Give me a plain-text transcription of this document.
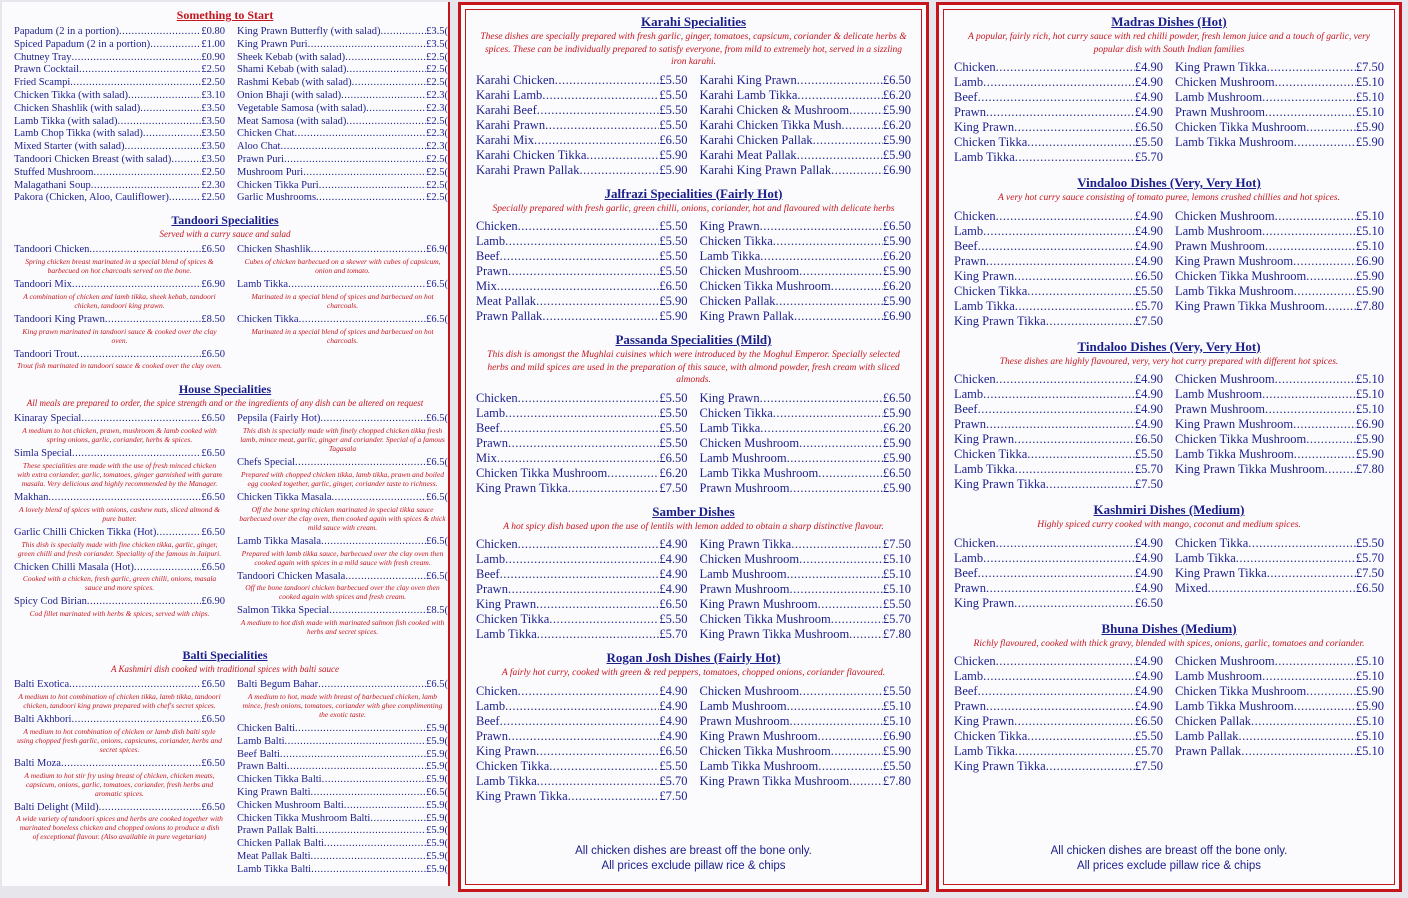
Something to Start
Papadum (2 in a portion) .....	£0.80
Spiced Papadum (2 in a portion) .....	£1.00
Chutney Tray .....	£0.90
Prawn Cocktail .....	£2.50
Fried Scampi .....	£2.50
Chicken Tikka (with salad) .....	£3.10
Chicken Shashlik (with salad) .....	£3.50
Lamb Tikka (with salad) .....	£3.50
Lamb Chop Tikka (with salad) .....	£3.50
Mixed Starter (with salad) .....	£3.50
Tandoori Chicken Breast (with salad) .....	£3.50
Stuffed Mushroom .....	£2.50
Malagathani Soup .....	£2.30
Pakora (Chicken, Aloo, Cauliflower) .....	£2.50
King Prawn Butterfly (with salad) .....	£3.5(
King Prawn Puri .....	£3.5(
Sheek Kebab (with salad) .....	£2.5(
Shami Kebab (with salad) .....	£2.5(
Rashmi Kebab (with salad) .....	£2.5(
Onion Bhaji (with salad) .....	£2.3(
Vegetable Samosa (with salad) .....	£2.3(
Meat Samosa (with salad) .....	£2.5(
Chicken Chat .....	£2.3(
Aloo Chat .....	£2.3(
Prawn Puri .....	£2.5(
Mushroom Puri .....	£2.5(
Chicken Tikka Puri .....	£2.5(
Garlic Mushrooms .....	£2.5(
Tandoori Specialities
Served with a curry sauce and salad
Tandoori Chicken .....	£6.50
Spring chicken breast marinated in a special blend of spices & barbecued on hot charcoals served on the bone.
Tandoori Mix .....	£6.90
A combination of chicken and lamb tikka, sheek kebab, tandoori chicken, tandoori king prawn.
Tandoori King Prawn .....	£8.50
King prawn marinated in tandoori sauce & cooked over the clay oven.
Tandoori Trout .....	£6.50
Trout fish marinated in tandoori sauce & cooked over the clay oven.
Chicken Shashlik .....	£6.9(
Cubes of chicken barbecued on a skewer with cubes of capsicum, onion and tomato.
Lamb Tikka .....	£6.5(
Marinated in a special blend of spices and barbecued on hot charcoals.
Chicken Tikka .....	£6.5(
Marinated in a special blend of spices and barbecued on hot charcoals.
House Specialities
All meals are prepared to order, the spice strength and or the ingredients of any dish can be altered on request
Kinaray Special .....	£6.50
A medium to hot chicken, prawn, mushroom & lamb cooked with spring onions, garlic, coriander, herbs & spices.
Simla Special .....	£6.50
These specialities are made with the use of fresh minced chicken with extra coriander, garlic, tomatoes, ginger garnished with garam masala. Very delicious and highly recommended by the Manager.
Makhan .....	£6.50
A lovely blend of spices with onions, cashew nuts, sliced almond & pure butter.
Garlic Chilli Chicken Tikka (Hot) .....	£6.50
This dish is specially made with fine chicken tikka, garlic, ginger, green chilli and fresh coriander. Speciality of the famous in Jaipuri.
Chicken Chilli Masala (Hot) .....	£6.50
Cooked with a chicken, fresh garlic, green chilli, onions, masala sauce and more spices.
Spicy Cod Birian .....	£6.90
Cod fillet marinated with herbs & spices, served with chips.
Pepsila (Fairly Hot) .....	£6.5(
This dish is specially made with finely chopped chicken tikka fresh lamb, mince meat, garlic, ginger and coriander. Special of a famous Tagasala
Chefs Special .....	£6.5(
Prepared with chopped chicken tikka, lamb tikka, prawn and boiled egg cooked together, garlic, ginger, coriander taste to richness.
Chicken Tikka Masala .....	£6.5(
Off the bone spring chicken marinated in special tikka sauce barbecued over the clay oven, then cooked again with spices & thick mild sauce with cream.
Lamb Tikka Masala .....	£6.5(
Prepared with lamb tikka sauce, barbecued over the clay oven then cooked again with spices in a mild sauce with fresh cream.
Tandoori Chicken Masala .....	£6.5(
Off the bone tandoori chicken barbecued over the clay oven then cooked again with spices and fresh cream.
Salmon Tikka Special .....	£8.5(
A medium to hot dish made with marinated salmon fish cooked with herbs and secret spices.
Balti Specialities
A Kashmiri dish cooked with traditional spices with balti sauce
Balti Exotica .....	£6.50
A medium to hot combination of chicken tikka, lamb tikka, tandoori chicken, tandoori king prawn prepared with chef's secret spices.
Balti Akhbori .....	£6.50
A medium to hot combination of chicken or lamb dish balti style using chopped fresh garlic, onions, capsicums, coriander, herbs and secret spices.
Balti Moza .....	£6.50
A medium to hot stir fry using breast of chicken, chicken meats, capsicum, onions, garlic, tomatoes, coriander, fresh herbs and aromatic spices.
Balti Delight (Mild) .....	£6.50
A wide variety of tandoori spices and herbs are cooked together with marinated boneless chicken and chopped onions to produce a dish of exceptional flavour. (Also available in pure vegetarian)
Balti Begum Bahar .....	£6.5(
A medium to hot, made with breast of barbecued chicken, lamb mince, fresh onions, tomatoes, coriander with ghee complimenting the exotic taste.
Chicken Balti .....	£5.9(
Lamb Balti .....	£5.9(
Beef Balti .....	£5.9(
Prawn Balti .....	£5.9(
Chicken Tikka Balti .....	£5.9(
King Prawn Balti .....	£6.5(
Chicken Mushroom Balti .....	£5.9(
Chicken Tikka Mushroom Balti .....	£5.9(
Prawn Pallak Balti .....	£5.9(
Chicken Pallak Balti .....	£5.9(
Meat Pallak Balti .....	£5.9(
Lamb Tikka Balti .....	£5.9(
Karahi Specialities
These dishes are specially prepared with fresh garlic, ginger, tomatoes, capsicum, coriander & delicate herbs & spices. These can be individually prepared to satisfy everyone, from mild to extremely hot, served in a sizzling iron karahi.
Karahi Chicken .....	£5.50
Karahi Lamb .....	£5.50
Karahi Beef .....	£5.50
Karahi Prawn .....	£5.50
Karahi Mix .....	£6.50
Karahi Chicken Tikka .....	£5.90
Karahi Prawn Pallak .....	£5.90
Karahi King Prawn .....	£6.50
Karahi Lamb Tikka .....	£6.20
Karahi Chicken & Mushroom .....	£5.90
Karahi Chicken Tikka Mush .....	£6.20
Karahi Chicken Pallak .....	£5.90
Karahi Meat Pallak .....	£5.90
Karahi King Prawn Pallak .....	£6.90
Jalfrazi Specialities (Fairly Hot)
Specially prepared with fresh garlic, green chilli, onions, coriander, hot and flavoured with delicate herbs
Chicken .....	£5.50
Lamb .....	£5.50
Beef .....	£5.50
Prawn .....	£5.50
Mix .....	£6.50
Meat Pallak .....	£5.90
Prawn Pallak .....	£5.90
King Prawn .....	£6.50
Chicken Tikka .....	£5.90
Lamb Tikka .....	£6.20
Chicken Mushroom .....	£5.90
Chicken Tikka Mushroom .....	£6.20
Chicken Pallak .....	£5.90
King Prawn Pallak .....	£6.90
Passanda Specialities (Mild)
This dish is amongst the Mughlai cuisines which were introduced by the Moghul Emperor. Specially selected herbs and mild spices are used in the preparation of this sauce, with almond powder, fresh cream with sliced almonds.
Chicken .....	£5.50
Lamb .....	£5.50
Beef .....	£5.50
Prawn .....	£5.50
Mix .....	£6.50
Chicken Tikka Mushroom .....	£6.20
King Prawn Tikka .....	£7.50
King Prawn .....	£6.50
Chicken Tikka .....	£5.90
Lamb Tikka .....	£6.20
Chicken Mushroom .....	£5.90
Lamb Mushroom .....	£5.90
Lamb Tikka Mushroom .....	£6.50
Prawn Mushroom .....	£5.90
Samber Dishes
A hot spicy dish based upon the use of lentils with lemon added to obtain a sharp distinctive flavour.
Chicken .....	£4.90
Lamb .....	£4.90
Beef .....	£4.90
Prawn .....	£4.90
King Prawn .....	£6.50
Chicken Tikka .....	£5.50
Lamb Tikka .....	£5.70
King Prawn Tikka .....	£7.50
Chicken Mushroom .....	£5.10
Lamb Mushroom .....	£5.10
Prawn Mushroom .....	£5.10
King Prawn Mushroom .....	£5.50
Chicken Tikka Mushroom .....	£5.70
King Prawn Tikka Mushroom .....	£7.80
Rogan Josh Dishes (Fairly Hot)
A fairly hot curry, cooked with green & red peppers, tomatoes, chopped onions, coriander flavoured.
Chicken .....	£4.90
Lamb .....	£4.90
Beef .....	£4.90
Prawn .....	£4.90
King Prawn .....	£6.50
Chicken Tikka .....	£5.50
Lamb Tikka .....	£5.70
King Prawn Tikka .....	£7.50
Chicken Mushroom .....	£5.50
Lamb Mushroom .....	£5.10
Prawn Mushroom .....	£5.10
King Prawn Mushroom .....	£6.90
Chicken Tikka Mushroom .....	£5.90
Lamb Tikka Mushroom .....	£5.50
King Prawn Tikka Mushroom .....	£7.80
All chicken dishes are breast off the bone only.
All prices exclude pillaw rice & chips
Madras Dishes (Hot)
A popular, fairly rich, hot curry sauce with red chilli powder, fresh lemon juice and a touch of garlic, very popular dish with South Indian families
Chicken .....	£4.90
Lamb .....	£4.90
Beef .....	£4.90
Prawn .....	£4.90
King Prawn .....	£6.50
Chicken Tikka .....	£5.50
Lamb Tikka .....	£5.70
King Prawn Tikka .....	£7.50
Chicken Mushroom .....	£5.10
Lamb Mushroom .....	£5.10
Prawn Mushroom .....	£5.10
Chicken Tikka Mushroom .....	£5.90
Lamb Tikka Mushroom .....	£5.90
Vindaloo Dishes (Very, Very Hot)
A very hot curry sauce consisting of tomato puree, lemons crushed chillies and hot spices.
Chicken .....	£4.90
Lamb .....	£4.90
Beef .....	£4.90
Prawn .....	£4.90
King Prawn .....	£6.50
Chicken Tikka .....	£5.50
Lamb Tikka .....	£5.70
King Prawn Tikka .....	£7.50
Chicken Mushroom .....	£5.10
Lamb Mushroom .....	£5.10
Prawn Mushroom .....	£5.10
King Prawn Mushroom .....	£6.90
Chicken Tikka Mushroom .....	£5.90
Lamb Tikka Mushroom .....	£5.90
King Prawn Tikka Mushroom ..... £7.80
Tindaloo Dishes (Very, Very Hot)
These dishes are highly flavoured, very, very hot curry prepared with different hot spices.
Chicken .....	£4.90
Lamb .....	£4.90
Beef .....	£4.90
Prawn .....	£4.90
King Prawn .....	£6.50
Chicken Tikka .....	£5.50
Lamb Tikka .....	£5.70
King Prawn Tikka .....	£7.50
Chicken Mushroom .....	£5.10
Lamb Mushroom .....	£5.10
Prawn Mushroom .....	£5.10
King Prawn Mushroom .....	£6.90
Chicken Tikka Mushroom .....	£5.90
Lamb Tikka Mushroom .....	£5.90
King Prawn Tikka Mushroom ..... £7.80
Kashmiri Dishes (Medium)
Highly spiced curry cooked with mango, coconut and medium spices.
Chicken .....	£4.90
Lamb .....	£4.90
Beef .....	£4.90
Prawn .....	£4.90
King Prawn .....	£6.50
Chicken Tikka .....	£5.50
Lamb Tikka .....	£5.70
King Prawn Tikka .....	£7.50
Mixed .....	£6.50
Bhuna Dishes (Medium)
Richly flavoured, cooked with thick gravy, blended with spices, onions, garlic, tomatoes and coriander.
Chicken .....	£4.90
Lamb .....	£4.90
Beef .....	£4.90
Prawn .....	£4.90
King Prawn .....	£6.50
Chicken Tikka .....	£5.50
Lamb Tikka .....	£5.70
King Prawn Tikka .....	£7.50
Chicken Mushroom .....	£5.10
Lamb Mushroom .....	£5.10
Chicken Tikka Mushroom .....	£5.90
Lamb Tikka Mushroom .....	£5.90
Chicken Pallak .....	£5.10
Lamb Pallak .....	£5.10
Prawn Pallak .....	£5.10
All chicken dishes are breast off the bone only.
All prices exclude pillaw rice & chips
